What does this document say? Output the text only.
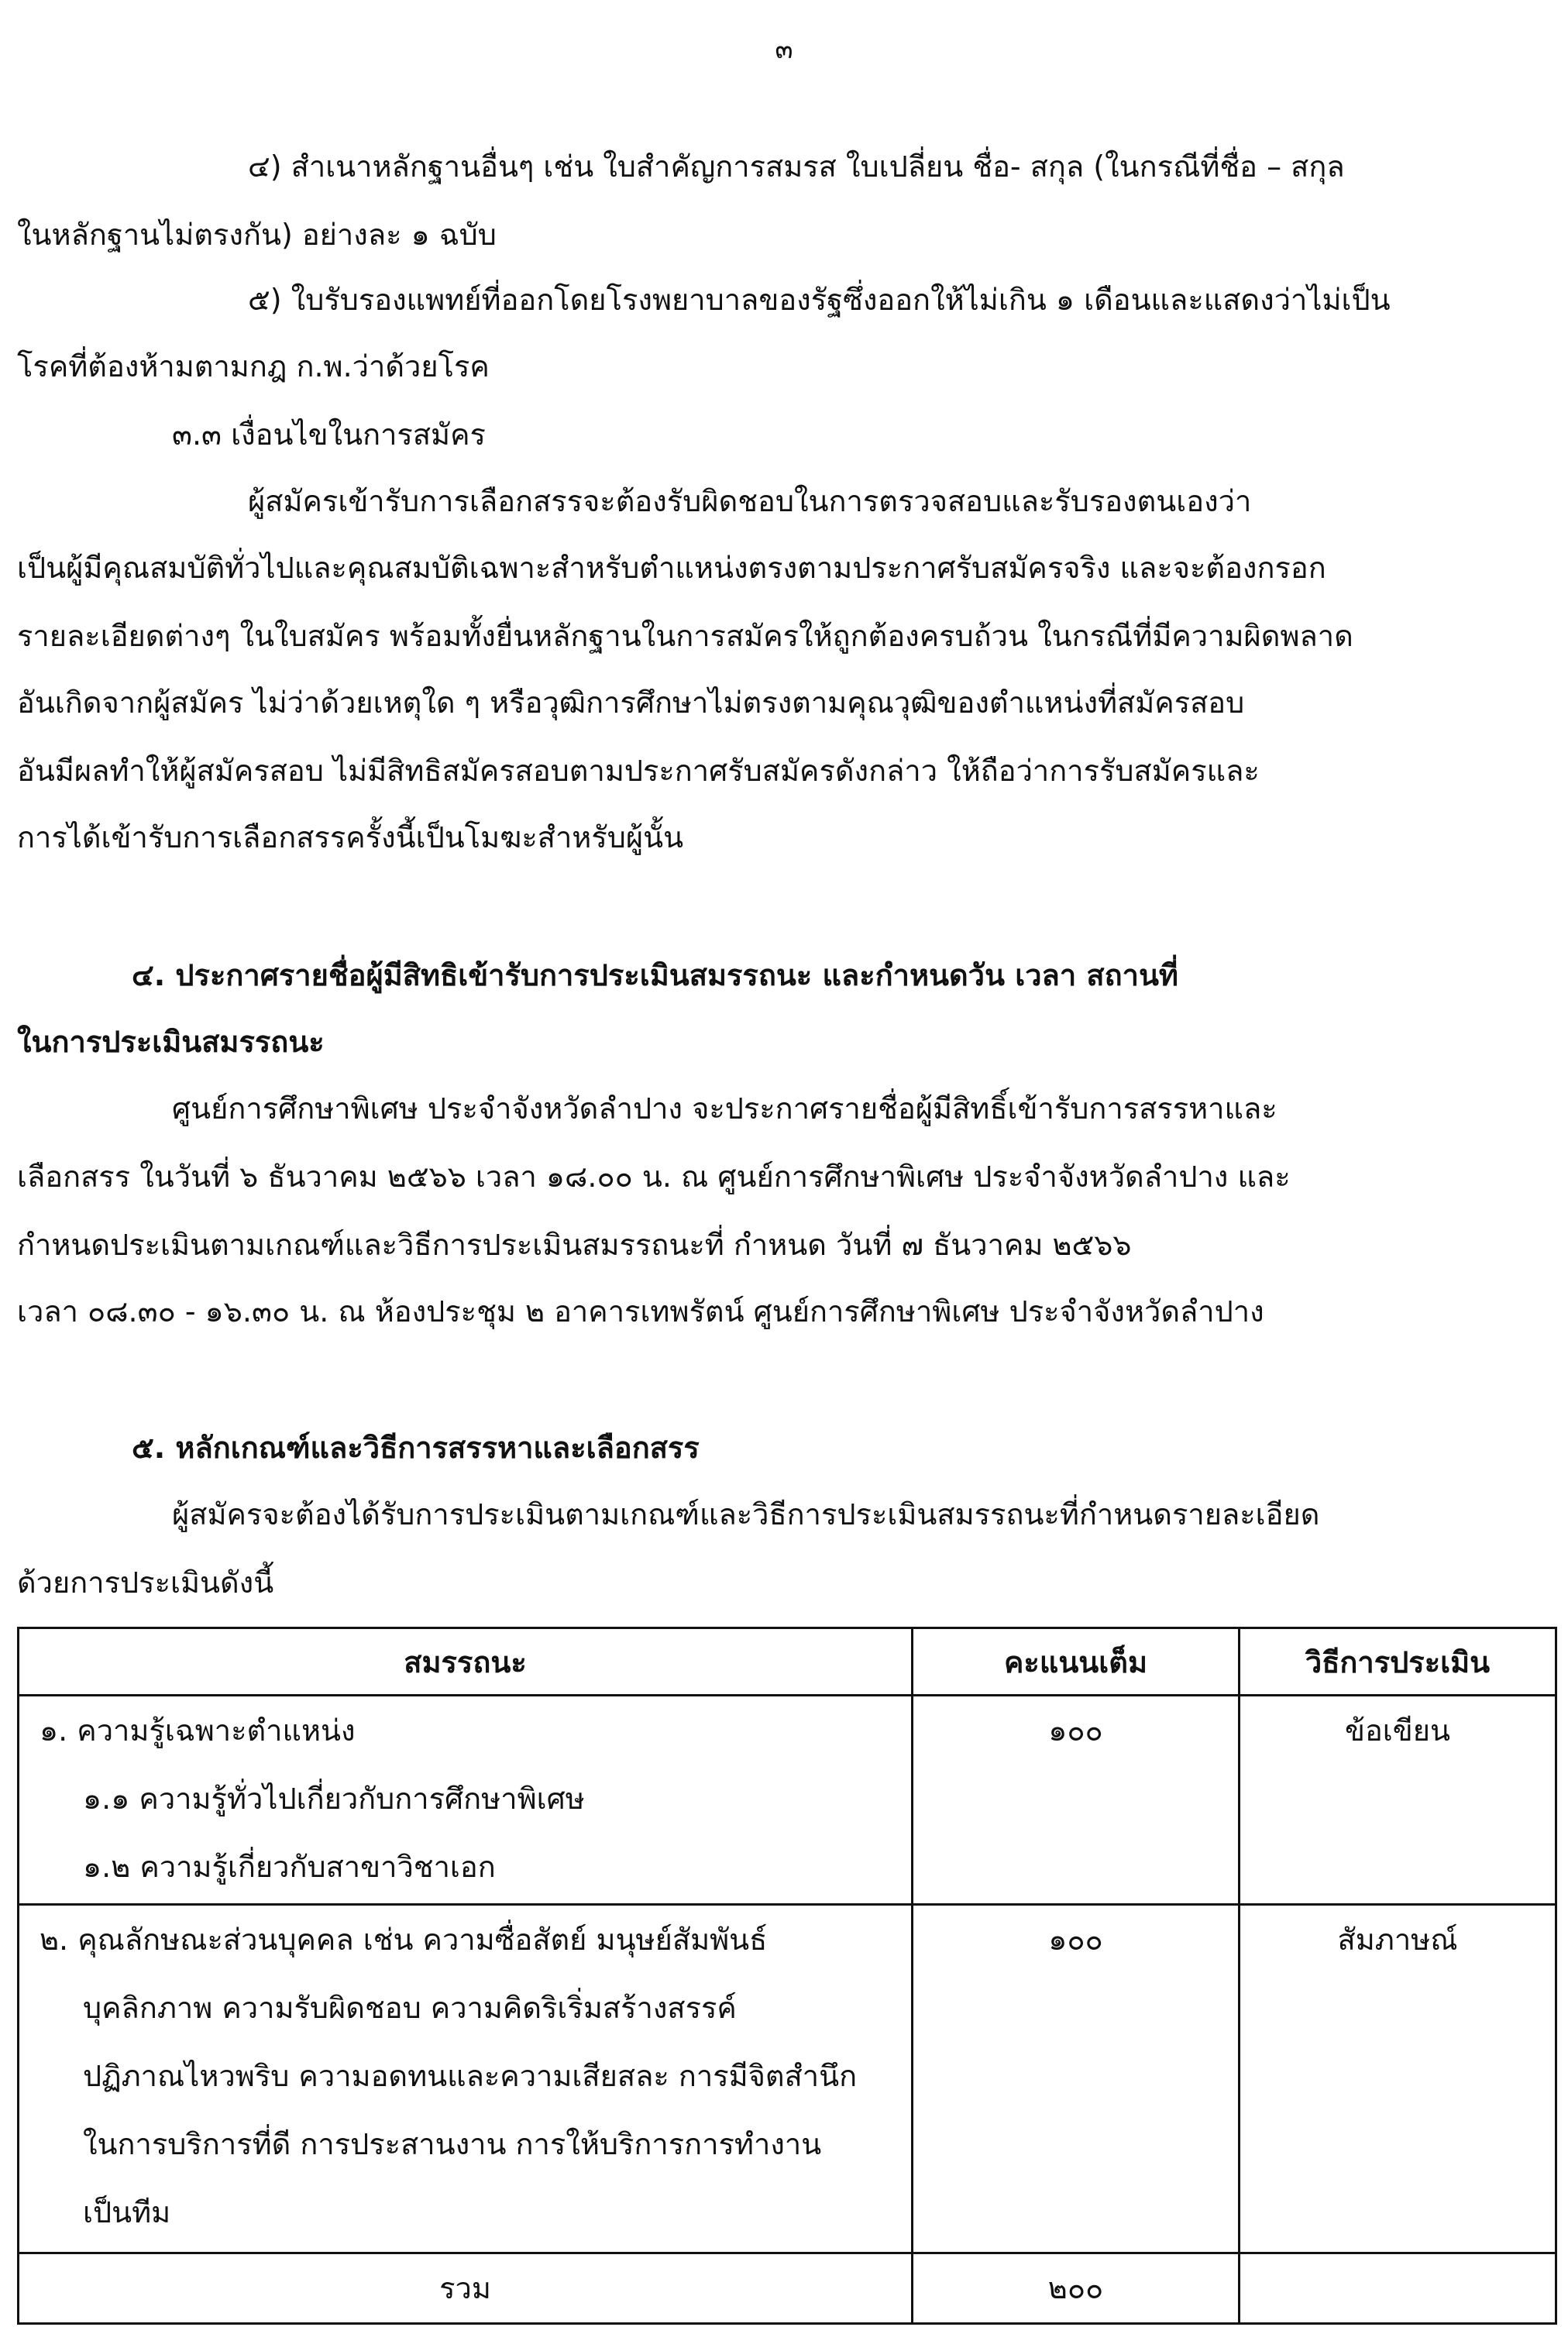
๓
๔) สำเนาหลักฐานอื่นๆ เช่น ใบสำคัญการสมรส ใบเปลี่ยน ชื่อ- สกุล (ในกรณีที่ชื่อ – สกุล
ในหลักฐานไม่ตรงกัน) อย่างละ ๑ ฉบับ
๕) ใบรับรองแพทย์ที่ออกโดยโรงพยาบาลของรัฐซึ่งออกให้ไม่เกิน ๑ เดือนและแสดงว่าไม่เป็น
โรคที่ต้องห้ามตามกฎ ก.พ.ว่าด้วยโรค
๓.๓ เงื่อนไขในการสมัคร
ผู้สมัครเข้ารับการเลือกสรรจะต้องรับผิดชอบในการตรวจสอบและรับรองตนเองว่า
เป็นผู้มีคุณสมบัติทั่วไปและคุณสมบัติเฉพาะสำหรับตำแหน่งตรงตามประกาศรับสมัครจริง และจะต้องกรอก
รายละเอียดต่างๆ ในใบสมัคร พร้อมทั้งยื่นหลักฐานในการสมัครให้ถูกต้องครบถ้วน ในกรณีที่มีความผิดพลาด
อันเกิดจากผู้สมัคร ไม่ว่าด้วยเหตุใด ๆ หรือวุฒิการศึกษาไม่ตรงตามคุณวุฒิของตำแหน่งที่สมัครสอบ
อันมีผลทำให้ผู้สมัครสอบ ไม่มีสิทธิสมัครสอบตามประกาศรับสมัครดังกล่าว ให้ถือว่าการรับสมัครและ
การได้เข้ารับการเลือกสรรครั้งนี้เป็นโมฆะสำหรับผู้นั้น
๔. ประกาศรายชื่อผู้มีสิทธิเข้ารับการประเมินสมรรถนะ และกำหนดวัน เวลา สถานที่
ในการประเมินสมรรถนะ
ศูนย์การศึกษาพิเศษ ประจำจังหวัดลำปาง จะประกาศรายชื่อผู้มีสิทธิ์เข้ารับการสรรหาและ
เลือกสรร ในวันที่ ๖ ธันวาคม ๒๕๖๖ เวลา ๑๘.๐๐ น. ณ ศูนย์การศึกษาพิเศษ ประจำจังหวัดลำปาง และ
กำหนดประเมินตามเกณฑ์และวิธีการประเมินสมรรถนะที่ กำหนด วันที่ ๗ ธันวาคม ๒๕๖๖
เวลา ๐๘.๓๐ - ๑๖.๓๐ น. ณ ห้องประชุม ๒ อาคารเทพรัตน์ ศูนย์การศึกษาพิเศษ ประจำจังหวัดลำปาง
๕. หลักเกณฑ์และวิธีการสรรหาและเลือกสรร
ผู้สมัครจะต้องได้รับการประเมินตามเกณฑ์และวิธีการประเมินสมรรถนะที่กำหนดรายละเอียด
ด้วยการประเมินดังนี้
สมรรถนะ	คะแนนเต็ม	วิธีการประเมิน

๑. ความรู้เฉพาะตำแหน่ง
๑.๑ ความรู้ทั่วไปเกี่ยวกับการศึกษาพิเศษ
๑.๒ ความรู้เกี่ยวกับสาขาวิชาเอก	๑๐๐	ข้อเขียน

๒. คุณลักษณะส่วนบุคคล เช่น ความซื่อสัตย์ มนุษย์สัมพันธ์
บุคลิกภาพ ความรับผิดชอบ ความคิดริเริ่มสร้างสรรค์
ปฏิภาณไหวพริบ ความอดทนและความเสียสละ การมีจิตสำนึก
ในการบริการที่ดี การประสานงาน การให้บริการการทำงาน
เป็นทีม	๑๐๐	สัมภาษณ์

รวม	๒๐๐	
